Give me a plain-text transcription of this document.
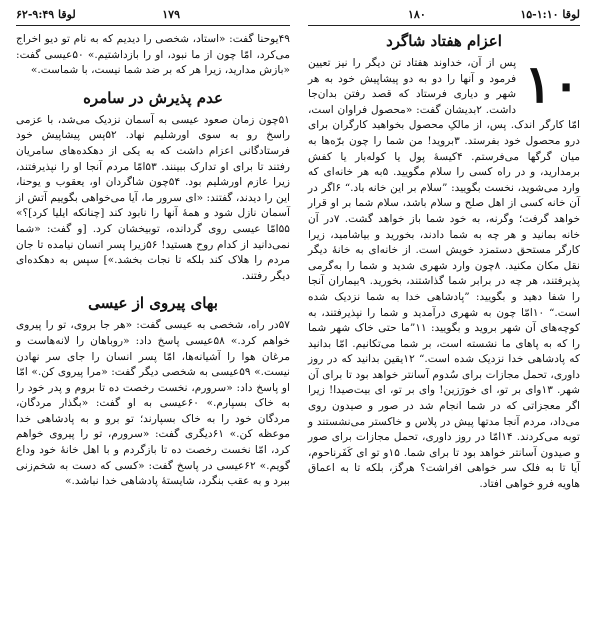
لوقا ۹:۴۹-۶۲	۱۷۹

۴۹یوحنا گفت: «استاد، شخصی را دیدیم که به نام تو دیو اخراج می‌کرد، امّا چون از ما نبود، او را بازداشتیم.» ۵۰عیسی گفت: «بازش مدارید، زیرا هر که بر ضد شما نیست، با شماست.»

عدم پذیرش در سامره

۵۱چون زمان صعود عیسی به آسمان نزدیک می‌شد، با عزمی راسخ رو به سوی اورشلیم نهاد. ۵۲پس پیشاپیش خود فرستادگانی اعزام داشت که به یکی از دهکده‌های سامریان رفتند تا برای او تدارک ببینند. ۵۳امّا مردم آنجا او را نپذیرفتند، زیرا عازم اورشلیم بود. ۵۴چون شاگردان او، یعقوب و یوحنا، این را دیدند، گفتند: «ای سرور ما، آیا می‌خواهی بگوییم آتش از آسمان نازل شود و همهٔ آنها را نابود کند [چنانکه ایلیا کرد]؟» ۵۵امّا عیسی روی گردانده، توبیخشان کرد. [و گفت: «شما نمی‌دانید از کدام روح هستید! ۵۶زیرا پسر انسان نیامده تا جان مردم را هلاک کند بلکه تا نجات بخشد.»] سپس به دهکده‌ای دیگر رفتند.

بهای پیروی از عیسی

۵۷در راه، شخصی به عیسی گفت: «هر جا بروی، تو را پیروی خواهم کرد.» ۵۸عیسی پاسخ داد: «روباهان را لانه‌هاست و مرغان هوا را آشیانه‌ها، امّا پسر انسان را جای سر نهادن نیست.» ۵۹عیسی به شخصی دیگر گفت: «مرا پیروی کن.» امّا او پاسخ داد: «سرورم، نخست رخصت ده تا بروم و پدر خود را به خاک بسپارم.» ۶۰عیسی به او گفت: «بگذار مردگان، مردگان خود را به خاک بسپارند؛ تو برو و به پادشاهی خدا موعظه کن.» ۶۱دیگری گفت: «سرورم، تو را پیروی خواهم کرد، امّا نخست رخصت ده تا بازگردم و با اهل خانهٔ خود وداع گویم.» ۶۲عیسی در پاسخ گفت: «کسی که دست به شخم‌زنی ببرد و به عقب بنگرد، شایستهٔ پادشاهی خدا نباشد.»

لوقا ۱:۱۰-۱۵
۱۸۰
اعزام هفتاد شاگرد
۱۰

پس از آن، خداوند هفتاد تن دیگر را نیز تعیین فرمود و آنها را دو به دو پیشاپیش خود به هر شهر و دیاری فرستاد که قصد رفتن بدان‌جا داشت. ۲بدیشان گفت: «محصول فراوان است، امّا کارگر اندک. پس، از مالکِ محصول بخواهید کارگران برای درو محصول خود بفرستد. ۳بروید! من شما را چون برّه‌ها به میان گرگها می‌فرستم. ۴کیسهٔ پول یا کوله‌بار یا کفش برمدارید، و در راه کسی را سلام مگویید. ۵به هر خانه‌ای که وارد می‌شوید، نخست بگویید: ”سلام بر این خانه باد.“ ۶اگر در آن خانه کسی از اهل صلح و سلام باشد، سلام شما بر او قرار خواهد گرفت؛ وگرنه، به خود شما باز خواهد گشت. ۷در آن خانه بمانید و هر چه به شما دادند، بخورید و بیاشامید، زیرا کارگر مستحق دستمزد خویش است. از خانه‌ای به خانهٔ دیگر نقل مکان مکنید. ۸چون وارد شهری شدید و شما را به‌گرمی پذیرفتند، هر چه در برابر شما گذاشتند، بخورید. ۹بیماران آنجا را شفا دهید و بگویید: ”پادشاهی خدا به شما نزدیک شده است.“ ۱۰امّا چون به شهری درآمدید و شما را نپذیرفتند، به کوچه‌های آن شهر بروید و بگویید: ۱۱”ما حتی خاک شهر شما را که به پاهای ما نشسته است، بر شما می‌تکانیم. امّا بدانید که پادشاهی خدا نزدیک شده است.“ ۱۲یقین بدانید که در روز داوری، تحمل مجازات برای سُدوم آسانتر خواهد بود تا برای آن شهر. ۱۳وای بر تو، ای خورَزین! وای بر تو، ای بیت‌صیدا! زیرا اگر معجزاتی که در شما انجام شد در صور و صیدون روی می‌داد، مردم آنجا مدتها پیش در پلاس و خاکستر می‌نشستند و توبه می‌کردند. ۱۴امّا در روز داوری، تحمل مجازات برای صور و صیدون آسانتر خواهد بود تا برای شما. ۱۵و تو ای کَفَرناحوم، آیا تا به فلک سر خواهی افراشت؟ هرگز، بلکه تا به اعماق هاویه فرو خواهی افتاد.
